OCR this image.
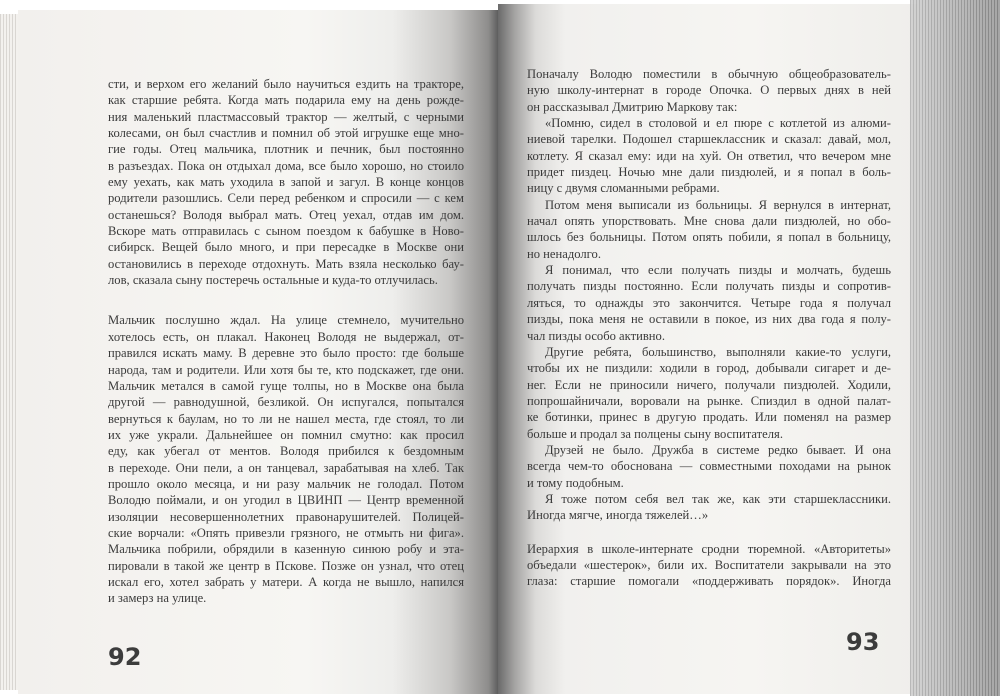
сти, и верхом его желаний было научиться ездить на тракторе,
как старшие ребята. Когда мать подарила ему на день рожде-
ния маленький пластмассовый трактор — желтый, с черными
колесами, он был счастлив и помнил об этой игрушке еще мно-
гие годы. Отец мальчика, плотник и печник, был постоянно
в разъездах. Пока он отдыхал дома, все было хорошо, но стоило
ему уехать, как мать уходила в запой и загул. В конце концов
родители разошлись. Сели перед ребенком и спросили — с кем
останешься? Володя выбрал мать. Отец уехал, отдав им дом.
Вскоре мать отправилась с сыном поездом к бабушке в Ново-
сибирск. Вещей было много, и при пересадке в Москве они
остановились в переходе отдохнуть. Мать взяла несколько бау-
лов, сказала сыну постеречь остальные и куда-то отлучилась.
Мальчик послушно ждал. На улице стемнело, мучительно
хотелось есть, он плакал. Наконец Володя не выдержал, от-
правился искать маму. В деревне это было просто: где больше
народа, там и родители. Или хотя бы те, кто подскажет, где они.
Мальчик метался в самой гуще толпы, но в Москве она была
другой — равнодушной, безликой. Он испугался, попытался
вернуться к баулам, но то ли не нашел места, где стоял, то ли
их уже украли. Дальнейшее он помнил смутно: как просил
еду, как убегал от ментов. Володя прибился к бездомным
в переходе. Они пели, а он танцевал, зарабатывая на хлеб. Так
прошло около месяца, и ни разу мальчик не голодал. Потом
Володю поймали, и он угодил в ЦВИНП — Центр временной
изоляции несовершеннолетних правонарушителей. Полицей-
ские ворчали: «Опять привезли грязного, не отмыть ни фига».
Мальчика побрили, обрядили в казенную синюю робу и эта-
пировали в такой же центр в Пскове. Позже он узнал, что отец
искал его, хотел забрать у матери. А когда не вышло, напился
и замерз на улице.
Поначалу Володю поместили в обычную общеобразователь-
ную школу-интернат в городе Опочка. О первых днях в ней
он рассказывал Дмитрию Маркову так:
«Помню, сидел в столовой и ел пюре с котлетой из алюми-
ниевой тарелки. Подошел старшеклассник и сказал: давай, мол,
котлету. Я сказал ему: иди на хуй. Он ответил, что вечером мне
придет пиздец. Ночью мне дали пиздюлей, и я попал в боль-
ницу с двумя сломанными ребрами.
Потом меня выписали из больницы. Я вернулся в интернат,
начал опять упорствовать. Мне снова дали пиздюлей, но обо-
шлось без больницы. Потом опять побили, я попал в больницу,
но ненадолго.
Я понимал, что если получать пизды и молчать, будешь
получать пизды постоянно. Если получать пизды и сопротив-
ляться, то однажды это закончится. Четыре года я получал
пизды, пока меня не оставили в покое, из них два года я полу-
чал пизды особо активно.
Другие ребята, большинство, выполняли какие-то услуги,
чтобы их не пиздили: ходили в город, добывали сигарет и де-
нег. Если не приносили ничего, получали пиздюлей. Ходили,
попрошайничали, воровали на рынке. Спиздил в одной палат-
ке ботинки, принес в другую продать. Или поменял на размер
больше и продал за полцены сыну воспитателя.
Друзей не было. Дружба в системе редко бывает. И она
всегда чем-то обоснована — совместными походами на рынок
и тому подобным.
Я тоже потом себя вел так же, как эти старшеклассники.
Иногда мягче, иногда тяжелей…»
Иерархия в школе-интернате сродни тюремной. «Авторитеты»
объедали «шестерок», били их. Воспитатели закрывали на это
глаза: старшие помогали «поддерживать порядок». Иногда
92
93
